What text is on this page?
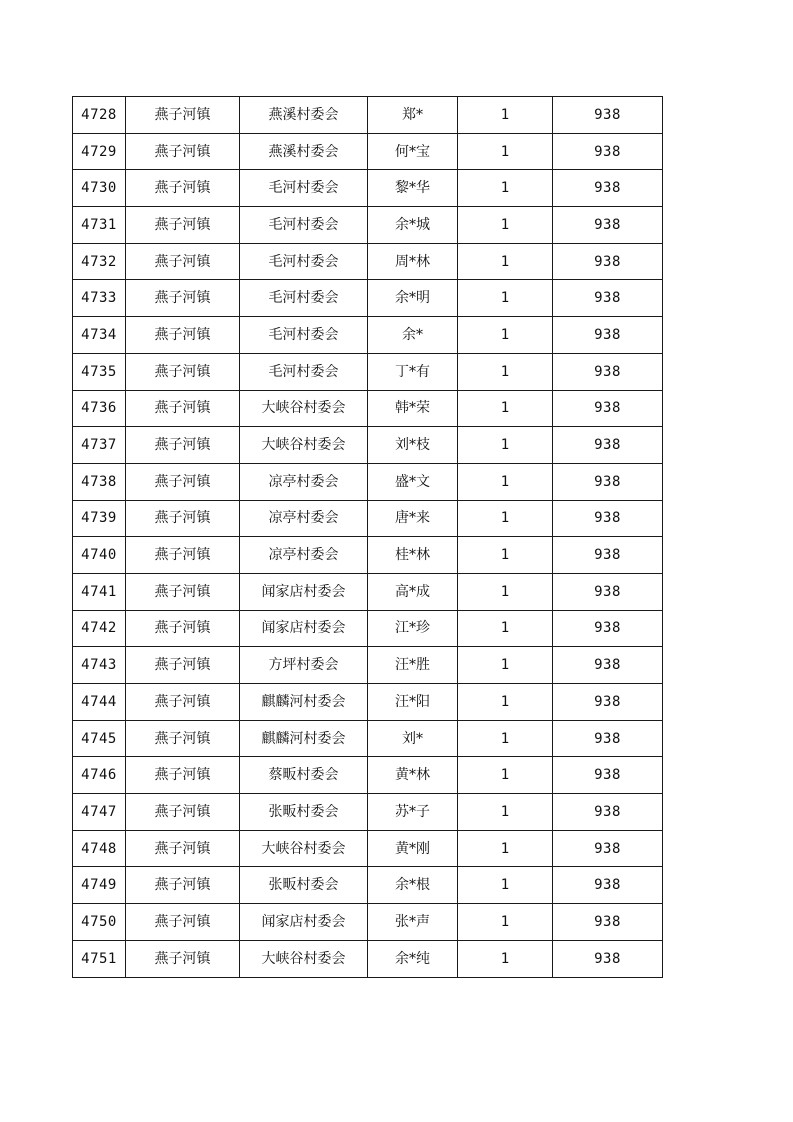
4728	燕子河镇	燕溪村委会	郑*	1	938
4729	燕子河镇	燕溪村委会	何*宝	1	938
4730	燕子河镇	毛河村委会	黎*华	1	938
4731	燕子河镇	毛河村委会	余*城	1	938
4732	燕子河镇	毛河村委会	周*林	1	938
4733	燕子河镇	毛河村委会	余*明	1	938
4734	燕子河镇	毛河村委会	余*	1	938
4735	燕子河镇	毛河村委会	丁*有	1	938
4736	燕子河镇	大峡谷村委会	韩*荣	1	938
4737	燕子河镇	大峡谷村委会	刘*枝	1	938
4738	燕子河镇	凉亭村委会	盛*文	1	938
4739	燕子河镇	凉亭村委会	唐*来	1	938
4740	燕子河镇	凉亭村委会	桂*林	1	938
4741	燕子河镇	闻家店村委会	高*成	1	938
4742	燕子河镇	闻家店村委会	江*珍	1	938
4743	燕子河镇	方坪村委会	汪*胜	1	938
4744	燕子河镇	麒麟河村委会	汪*阳	1	938
4745	燕子河镇	麒麟河村委会	刘*	1	938
4746	燕子河镇	蔡畈村委会	黄*林	1	938
4747	燕子河镇	张畈村委会	苏*子	1	938
4748	燕子河镇	大峡谷村委会	黄*刚	1	938
4749	燕子河镇	张畈村委会	余*根	1	938
4750	燕子河镇	闻家店村委会	张*声	1	938
4751	燕子河镇	大峡谷村委会	余*纯	1	938
